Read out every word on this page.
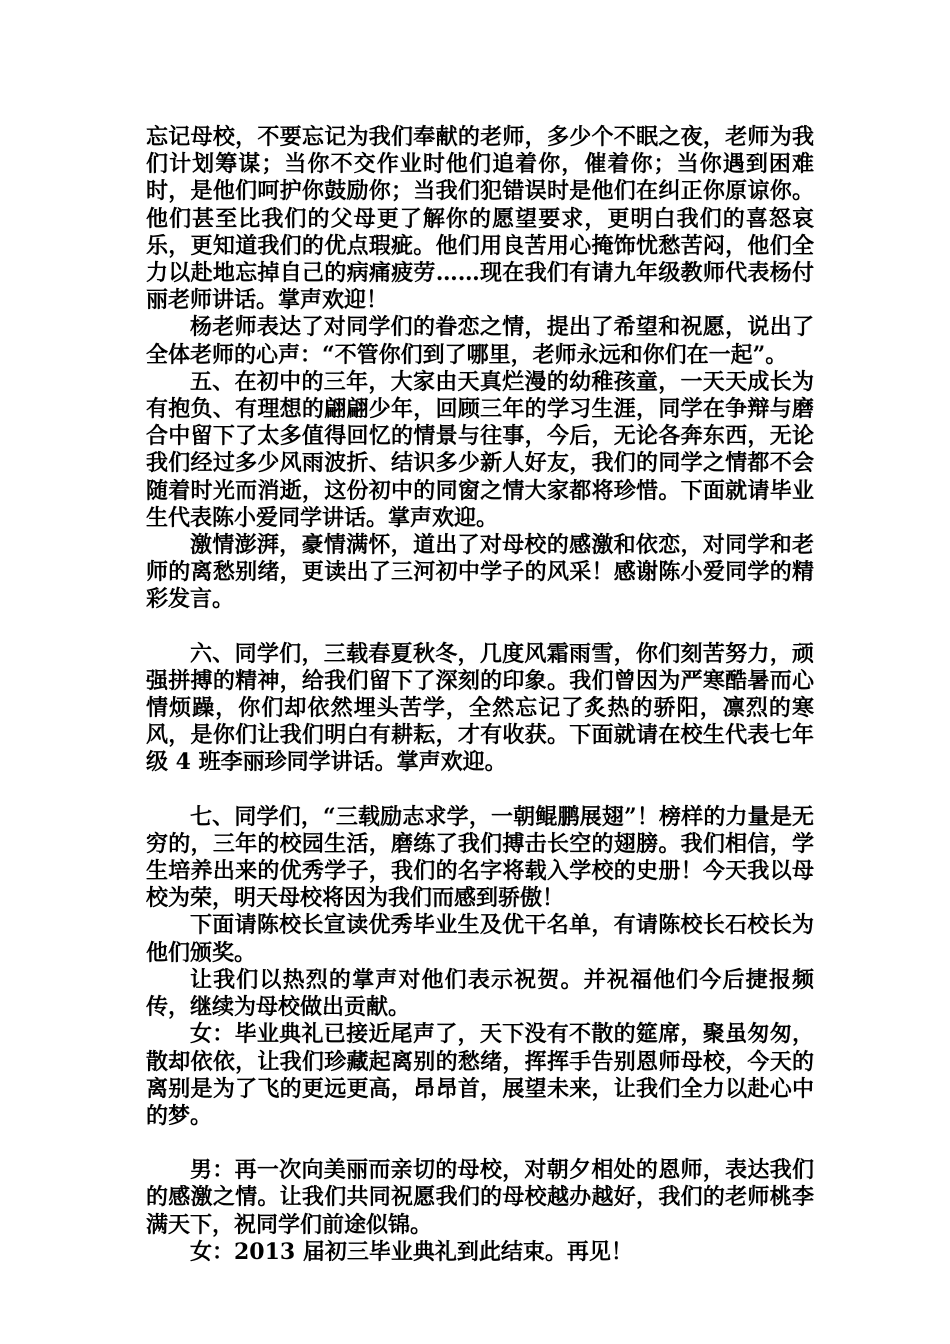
忘记母校，不要忘记为我们奉献的老师，多少个不眠之夜，老师为我们计划筹谋；当你不交作业时他们追着你，催着你；当你遇到困难时，是他们呵护你鼓励你；当我们犯错误时是他们在纠正你原谅你。他们甚至比我们的父母更了解你的愿望要求，更明白我们的喜怒哀乐，更知道我们的优点瑕疵。他们用良苦用心掩饰忧愁苦闷，他们全力以赴地忘掉自己的病痛疲劳……现在我们有请九年级教师代表杨付丽老师讲话。掌声欢迎！

杨老师表达了对同学们的眷恋之情，提出了希望和祝愿，说出了全体老师的心声：“不管你们到了哪里，老师永远和你们在一起”。

五、在初中的三年，大家由天真烂漫的幼稚孩童，一天天成长为有抱负、有理想的翩翩少年，回顾三年的学习生涯，同学在争辩与磨合中留下了太多值得回忆的情景与往事，今后，无论各奔东西，无论我们经过多少风雨波折、结识多少新人好友，我们的同学之情都不会随着时光而消逝，这份初中的同窗之情大家都将珍惜。下面就请毕业生代表陈小爱同学讲话。掌声欢迎。

激情澎湃，豪情满怀，道出了对母校的感激和依恋，对同学和老师的离愁别绪，更读出了三河初中学子的风采！感谢陈小爱同学的精彩发言。

六、同学们，三载春夏秋冬，几度风霜雨雪，你们刻苦努力，顽强拼搏的精神，给我们留下了深刻的印象。我们曾因为严寒酷暑而心情烦躁，你们却依然埋头苦学，全然忘记了炙热的骄阳，凛烈的寒风，是你们让我们明白有耕耘，才有收获。下面就请在校生代表七年级 4 班李丽珍同学讲话。掌声欢迎。

七、同学们，“三载励志求学，一朝鲲鹏展翅”！榜样的力量是无穷的，三年的校园生活，磨练了我们搏击长空的翅膀。我们相信，学生培养出来的优秀学子，我们的名字将载入学校的史册！今天我以母校为荣，明天母校将因为我们而感到骄傲！

下面请陈校长宣读优秀毕业生及优干名单，有请陈校长石校长为他们颁奖。

让我们以热烈的掌声对他们表示祝贺。并祝福他们今后捷报频传，继续为母校做出贡献。

女：毕业典礼已接近尾声了，天下没有不散的筵席，聚虽匆匆，散却依依，让我们珍藏起离别的愁绪，挥挥手告别恩师母校，今天的离别是为了飞的更远更高，昂昂首，展望未来，让我们全力以赴心中的梦。

男：再一次向美丽而亲切的母校，对朝夕相处的恩师，表达我们的感激之情。让我们共同祝愿我们的母校越办越好，我们的老师桃李满天下，祝同学们前途似锦。

女：2013 届初三毕业典礼到此结束。再见！
